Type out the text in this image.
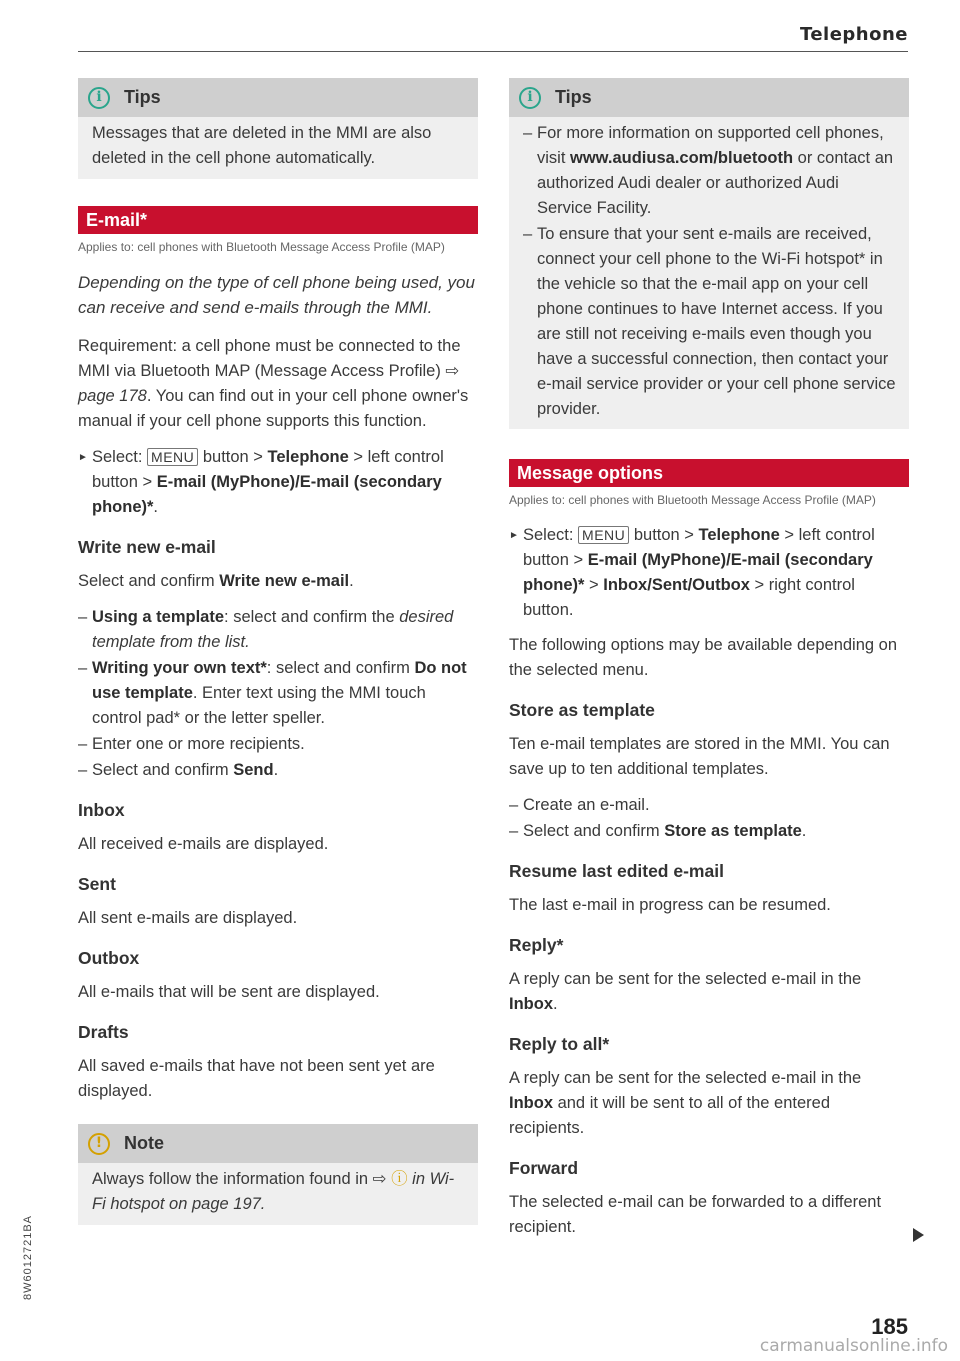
Telephone
i	Tips

Messages that are deleted in the MMI are also deleted in the cell phone automatically.

E-mail*
Applies to: cell phones with Bluetooth Message Access Profile (MAP)

Depending on the type of cell phone being used, you can receive and send e-mails through the MMI.

Requirement: a cell phone must be connected to the MMI via Bluetooth MAP (Message Access Profile) ⇨ page 178. You can find out in your cell phone owner's manual if your cell phone supports this function.

► Select: MENU button > Telephone > left control button > E-mail (MyPhone)/E-mail (secondary phone)*.

Write new e-mail

Select and confirm Write new e-mail.

– Using a template: select and confirm the desired template from the list.
– Writing your own text*: select and confirm Do not use template. Enter text using the MMI touch control pad* or the letter speller.
– Enter one or more recipients.
– Select and confirm Send.
Inbox

All received e-mails are displayed.

Sent

All sent e-mails are displayed.

Outbox

All e-mails that will be sent are displayed.

Drafts

All saved e-mails that have not been sent yet are displayed.

!	Note

Always follow the information found in ⇨ ⓘ in Wi-Fi hotspot on page 197.

i	Tips
– For more information on supported cell phones, visit www.audiusa.com/bluetooth or contact an authorized Audi dealer or authorized Audi Service Facility.
– To ensure that your sent e-mails are received, connect your cell phone to the Wi-Fi hotspot* in the vehicle so that the e-mail app on your cell phone continues to have Internet access. If you are still not receiving e-mails even though you have a successful connection, then contact your e-mail service provider or your cell phone service provider.
Message options
Applies to: cell phones with Bluetooth Message Access Profile (MAP)

► Select: MENU button > Telephone > left control button > E-mail (MyPhone)/E-mail (secondary phone)* > Inbox/Sent/Outbox > right control button.

The following options may be available depending on the selected menu.

Store as template

Ten e-mail templates are stored in the MMI. You can save up to ten additional templates.

– Create an e-mail.
– Select and confirm Store as template.
Resume last edited e-mail

The last e-mail in progress can be resumed.

Reply*

A reply can be sent for the selected e-mail in the Inbox.

Reply to all*

A reply can be sent for the selected e-mail in the Inbox and it will be sent to all of the entered recipients.

Forward

The selected e-mail can be forwarded to a different recipient.

185
8W6012721BA
carmanualsonline.info
